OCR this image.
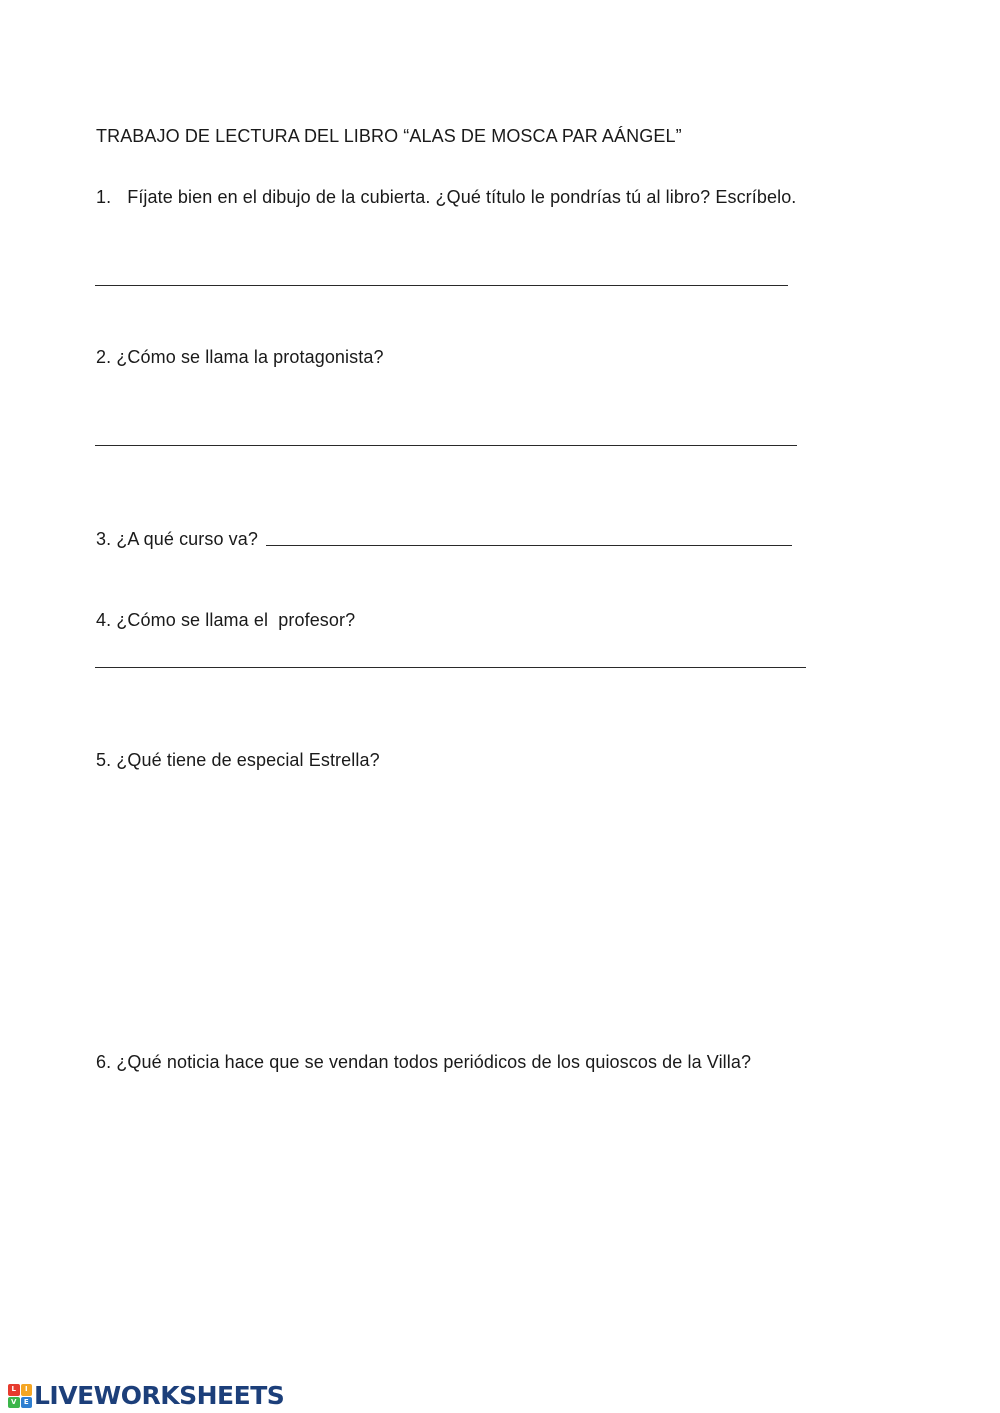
TRABAJO DE LECTURA DEL LIBRO “ALAS DE MOSCA PAR AÁNGEL”
1. Fíjate bien en el dibujo de la cubierta. ¿Qué título le pondrías tú al libro? Escríbelo.
2. ¿Cómo se llama la protagonista?
3. ¿A qué curso va?
4. ¿Cómo se llama el  profesor?
5. ¿Qué tiene de especial Estrella?
6. ¿Qué noticia hace que se vendan todos periódicos de los quioscos de la Villa?
L	I
V	E LIVEWORKSHEETS
